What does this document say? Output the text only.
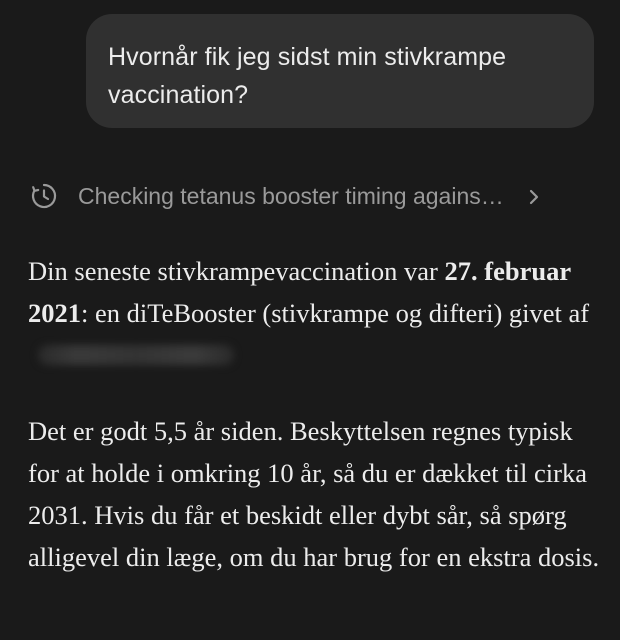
Hvornår fik jeg sidst min stivkrampe vaccination?
Checking tetanus booster timing agains…
Din seneste stivkrampevaccination var 27. februar 2021: en diTeBooster (stivkrampe og difteri) givet af
Det er godt 5,5 år siden. Beskyttelsen regnes typisk for at holde i omkring 10 år, så du er dækket til cirka 2031. Hvis du får et beskidt eller dybt sår, så spørg alligevel din læge, om du har brug for en ekstra dosis.
